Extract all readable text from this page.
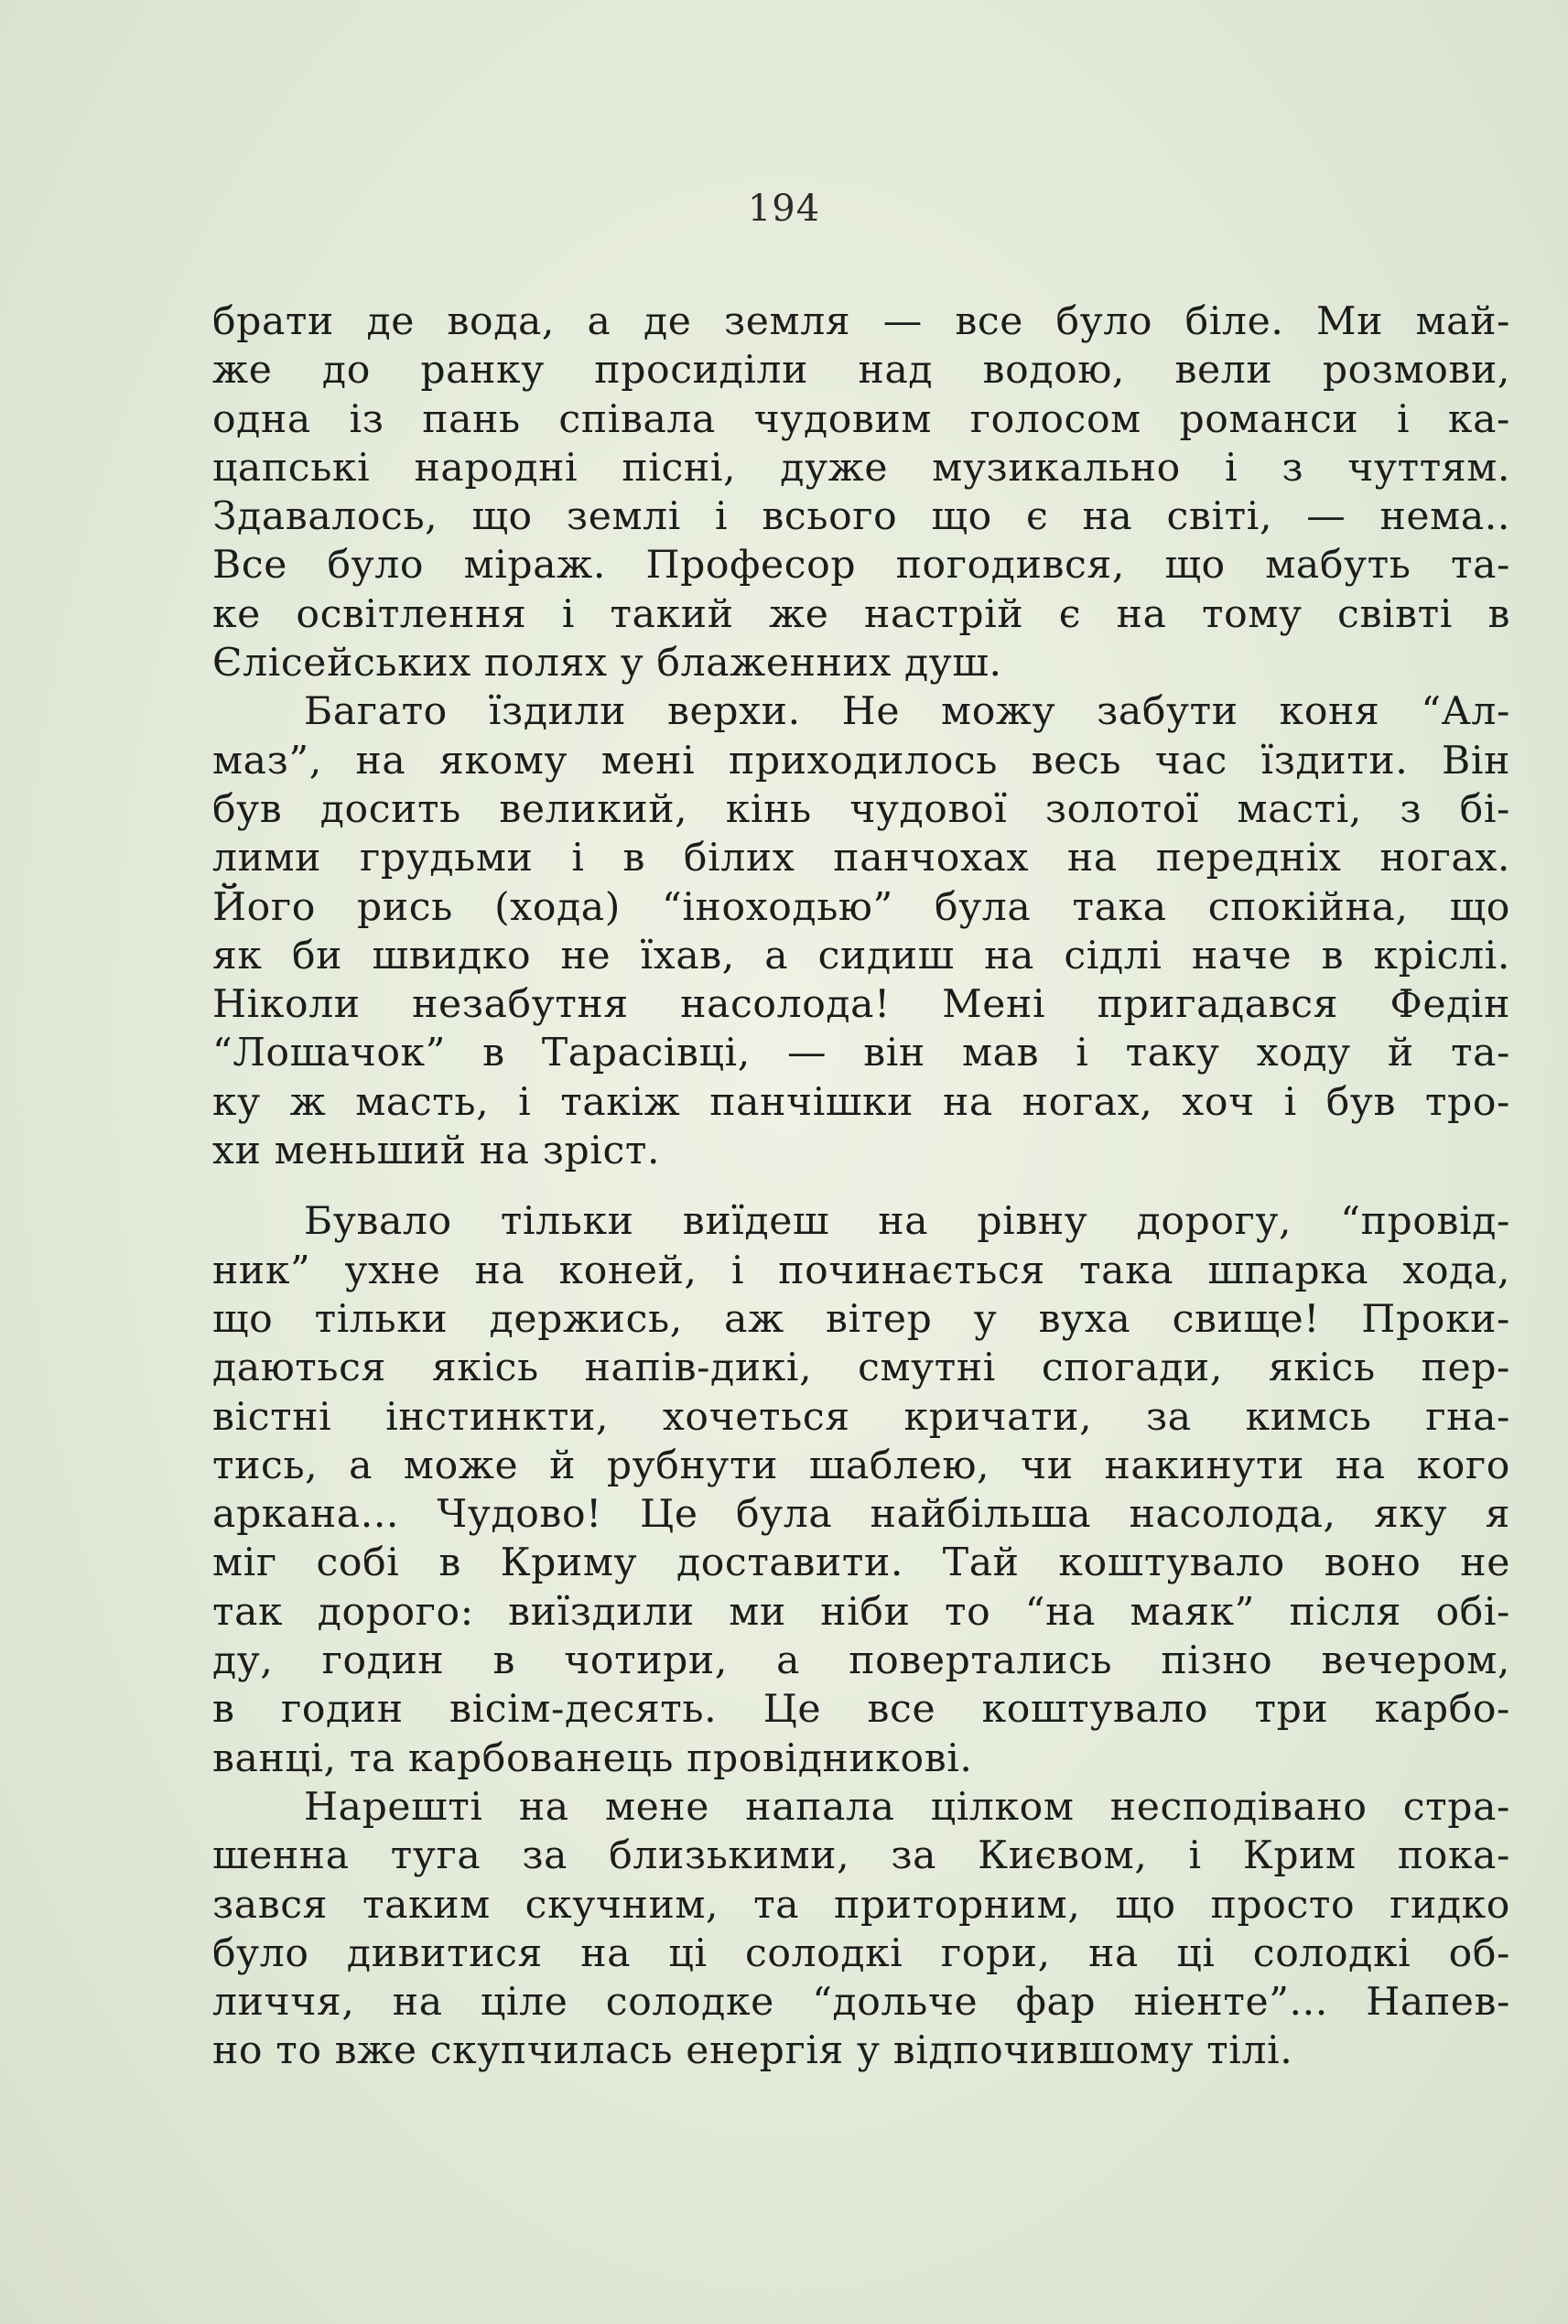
194
брати де вода, а де земля — все було біле. Ми май-
же до ранку просиділи над водою, вели розмови,
одна із пань співала чудовим голосом романси і ка-
цапські народні пісні, дуже музикально і з чуттям.
Здавалось, що землі і всього що є на світі, — нема..
Все було міраж. Професор погодився, що мабуть та-
ке освітлення і такий же настрій є на тому свівті в
Єлісейських полях у блаженних душ.
Багато їздили верхи. Не можу забути коня “Ал-
маз”, на якому мені приходилось весь час їздити. Він
був досить великий, кінь чудової золотої масті, з бі-
лими грудьми і в білих панчохах на передніх ногах.
Його рись (хода) “іноходью” була така спокійна, що
як би швидко не їхав, а сидиш на сідлі наче в кріслі.
Ніколи незабутня насолода! Мені пригадався Федін
“Лошачок” в Тарасівці, — він мав і таку ходу й та-
ку ж масть, і такіж панчішки на ногах, хоч і був тро-
хи меньший на зріст.
Бувало тільки виїдеш на рівну дорогу, “провід-
ник” ухне на коней, і починається така шпарка хода,
що тільки держись, аж вітер у вуха свище! Проки-
даються якісь напів-дикі, смутні спогади, якісь пер-
вістні інстинкти, хочеться кричати, за кимсь гна-
тись, а може й рубнути шаблею, чи накинути на кого
аркана... Чудово! Це була найбільша насолода, яку я
міг собі в Криму доставити. Тай коштувало воно не
так дорого: виїздили ми ніби то “на маяк” після обі-
ду, годин в чотири, а повертались пізно вечером,
в годин вісім-десять. Це все коштувало три карбо-
ванці, та карбованець провідникові.
Нарешті на мене напала цілком несподівано стра-
шенна туга за близькими, за Києвом, і Крим пока-
зався таким скучним, та приторним, що просто гидко
було дивитися на ці солодкі гори, на ці солодкі об-
личчя, на ціле солодке “дольче фар ніенте”... Напев-
но то вже скупчилась енергія у відпочившому тілі.
